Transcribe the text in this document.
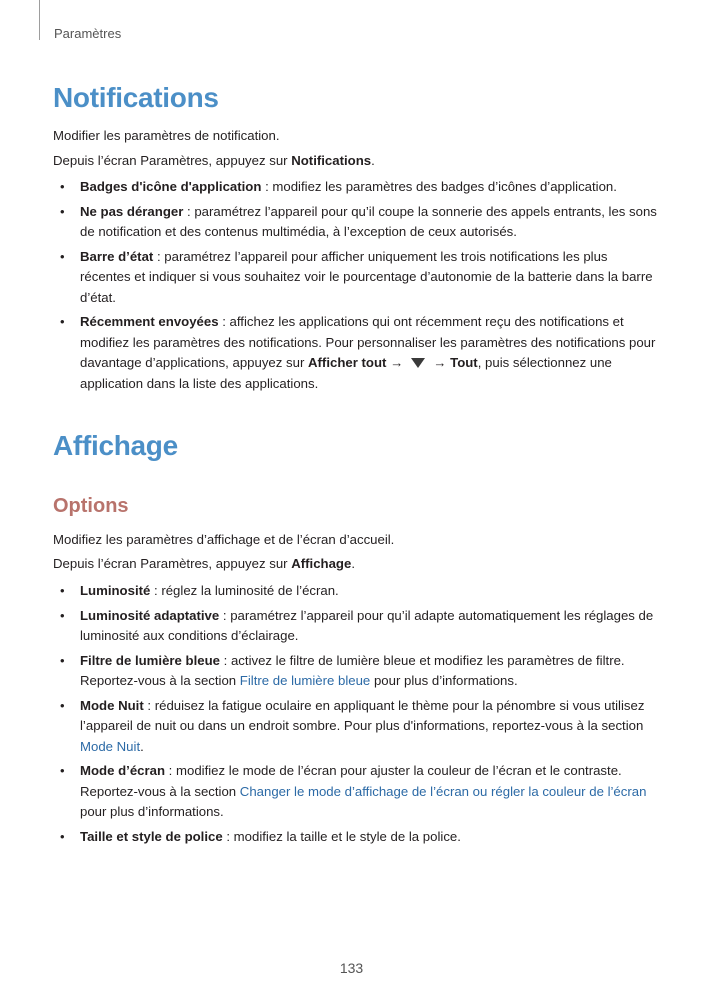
Paramètres
Notifications

Modifier les paramètres de notification.

Depuis l’écran Paramètres, appuyez sur Notifications.

• Badges d'icône d'application : modifiez les paramètres des badges d’icônes d’application.
• Ne pas déranger : paramétrez l’appareil pour qu’il coupe la sonnerie des appels entrants, les sons de notification et des contenus multimédia, à l’exception de ceux autorisés.
• Barre d’état : paramétrez l’appareil pour afficher uniquement les trois notifications les plus récentes et indiquer si vous souhaitez voir le pourcentage d’autonomie de la batterie dans la barre d’état.
• Récemment envoyées : affichez les applications qui ont récemment reçu des notifications et modifiez les paramètres des notifications. Pour personnaliser les paramètres des notifications pour davantage d’applications, appuyez sur Afficher tout → → Tout, puis sélectionnez une application dans la liste des applications.
Affichage
Options

Modifiez les paramètres d’affichage et de l’écran d’accueil.

Depuis l’écran Paramètres, appuyez sur Affichage.

• Luminosité : réglez la luminosité de l’écran.
• Luminosité adaptative : paramétrez l’appareil pour qu’il adapte automatiquement les réglages de luminosité aux conditions d’éclairage.
• Filtre de lumière bleue : activez le filtre de lumière bleue et modifiez les paramètres de filtre. Reportez-vous à la section Filtre de lumière bleue pour plus d’informations.
• Mode Nuit : réduisez la fatigue oculaire en appliquant le thème pour la pénombre si vous utilisez l’appareil de nuit ou dans un endroit sombre. Pour plus d'informations, reportez-vous à la section Mode Nuit.
• Mode d’écran : modifiez le mode de l’écran pour ajuster la couleur de l’écran et le contraste. Reportez-vous à la section Changer le mode d’affichage de l’écran ou régler la couleur de l’écran pour plus d’informations.
• Taille et style de police : modifiez la taille et le style de la police.
133
